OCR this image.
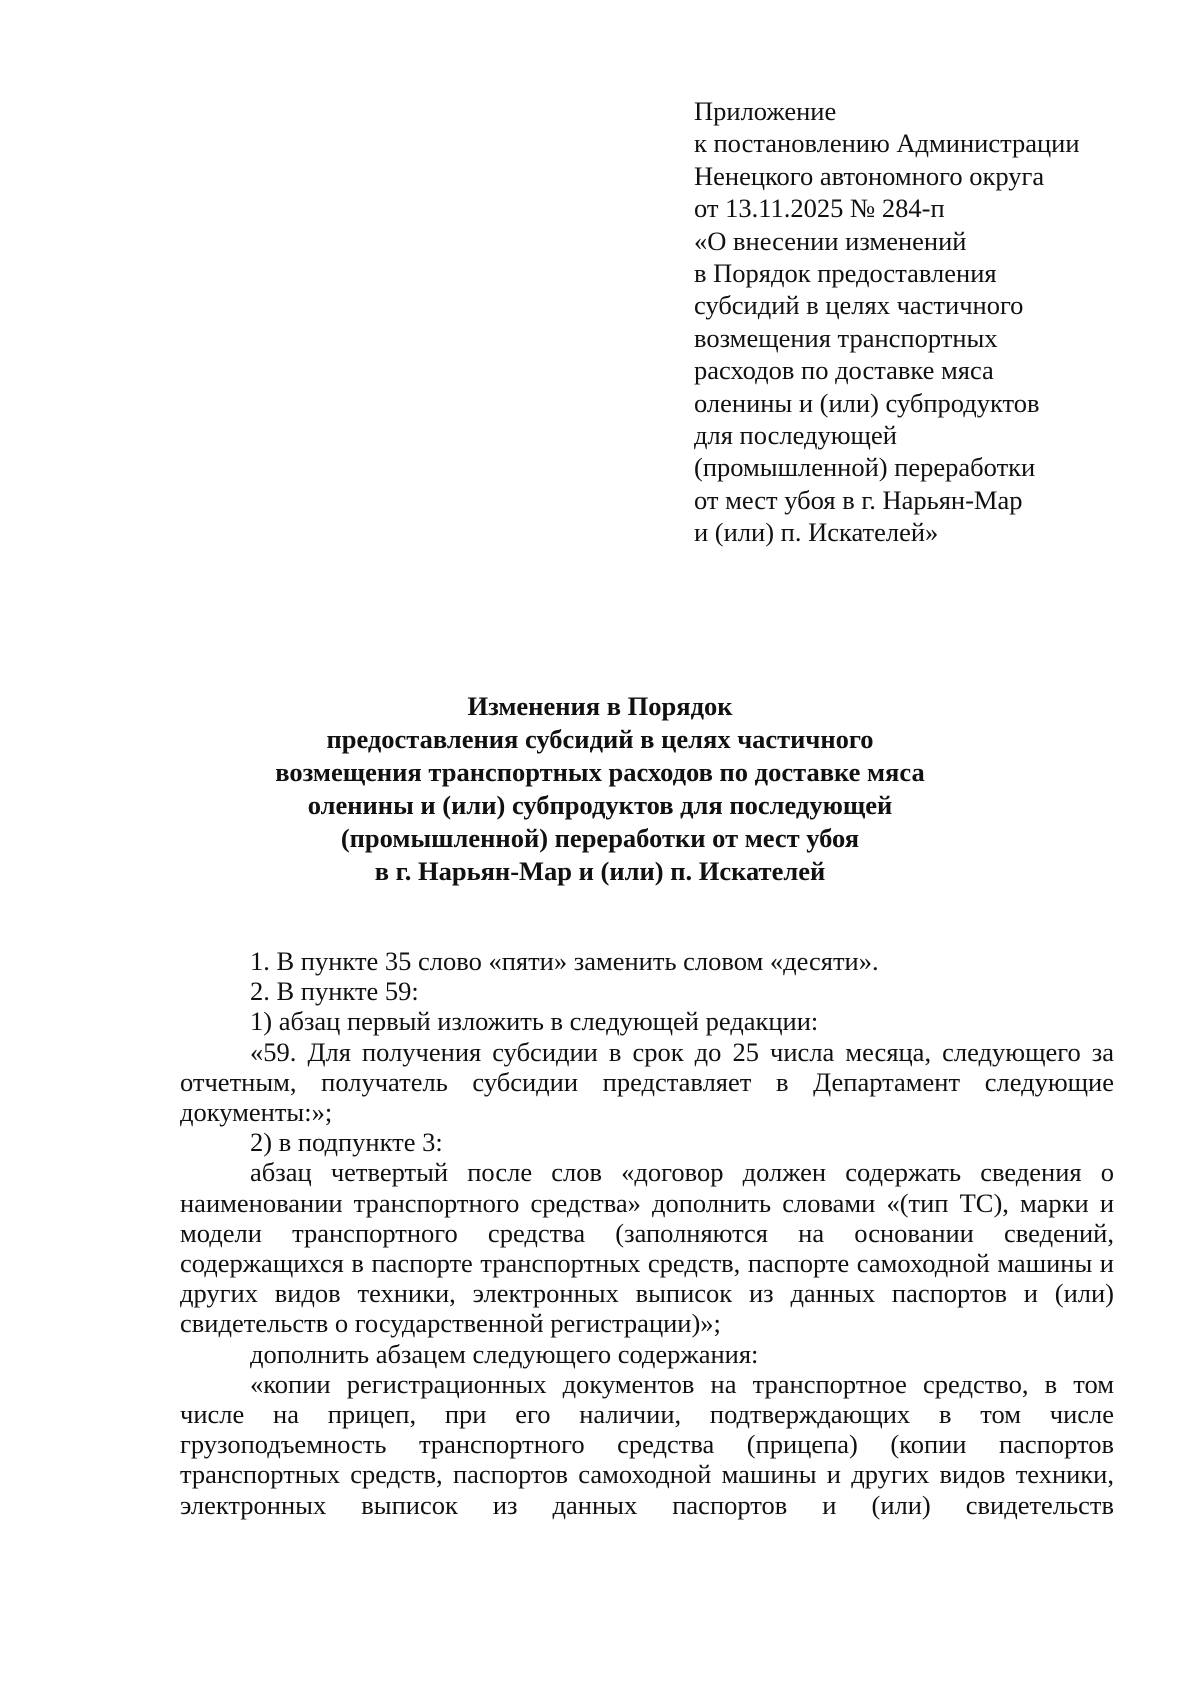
Приложение
к постановлению Администрации
Ненецкого автономного округа
от 13.11.2025 № 284-п
«О внесении изменений
в Порядок предоставления
субсидий в целях частичного
возмещения транспортных
расходов по доставке мяса
оленины и (или) субпродуктов
для последующей
(промышленной) переработки
от мест убоя в г. Нарьян-Мар
и (или) п. Искателей»
Изменения в Порядок
предоставления субсидий в целях частичного
возмещения транспортных расходов по доставке мяса
оленины и (или) субпродуктов для последующей
(промышленной) переработки от мест убоя
в г. Нарьян-Мар и (или) п. Искателей

1. В пункте 35 слово «пяти» заменить словом «десяти».

2. В пункте 59:

1) абзац первый изложить в следующей редакции:

«59. Для получения субсидии в срок до 25 числа месяца, следующего за отчетным, получатель субсидии представляет в Департамент следующие документы:»;

2) в подпункте 3:

абзац четвертый после слов «договор должен содержать сведения о наименовании транспортного средства» дополнить словами «(тип ТС), марки и модели транспортного средства (заполняются на основании сведений, содержащихся в паспорте транспортных средств, паспорте самоходной машины и других видов техники, электронных выписок из данных паспортов и (или) свидетельств о государственной регистрации)»;

дополнить абзацем следующего содержания:

«копии регистрационных документов на транспортное средство, в том числе на прицеп, при его наличии, подтверждающих в том числе грузоподъемность транспортного средства (прицепа) (копии паспортов транспортных средств, паспортов самоходной машины и других видов техники, электронных выписок из данных паспортов и (или) свидетельств
